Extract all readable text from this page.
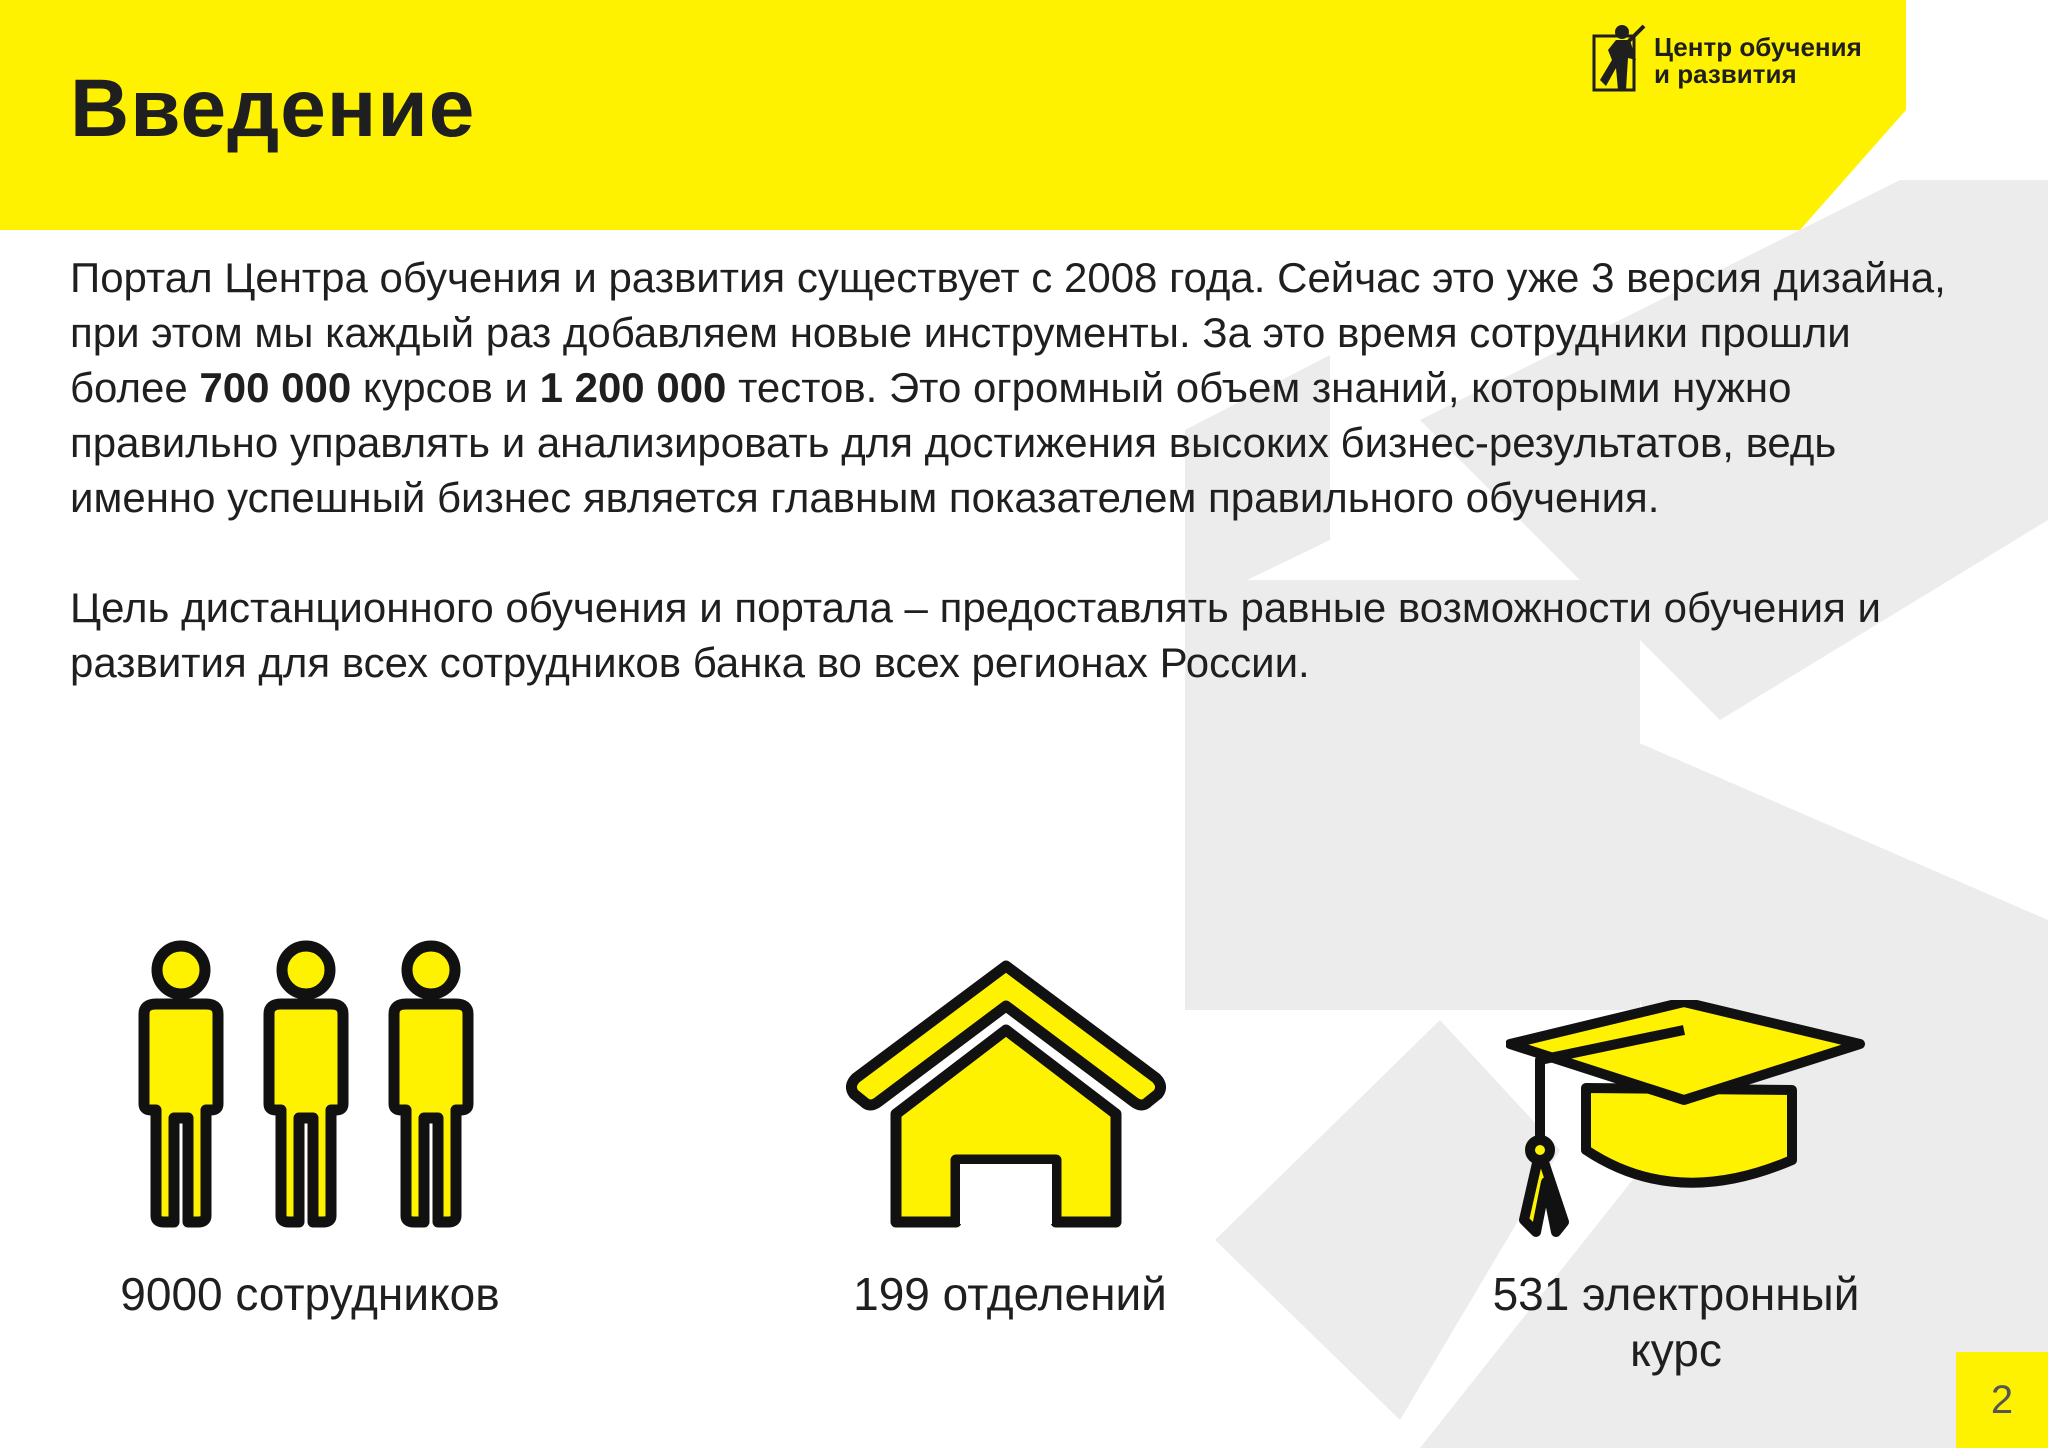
Введение
Центр обучения
и развития

Портал Центра обучения и развития существует с 2008 года. Сейчас это уже 3 версия дизайна, при этом мы каждый раз добавляем новые инструменты. За это время сотрудники прошли более 700 000 курсов и 1 200 000 тестов. Это огромный объем знаний, которыми нужно правильно управлять и анализировать для достижения высоких бизнес-результатов, ведь именно успешный бизнес является главным показателем правильного обучения.

Цель дистанционного обучения и портала – предоставлять равные возможности обучения и развития для всех сотрудников банка во всех регионах России.

9000 сотрудников	199 отделений	531 электронный
курс
2
